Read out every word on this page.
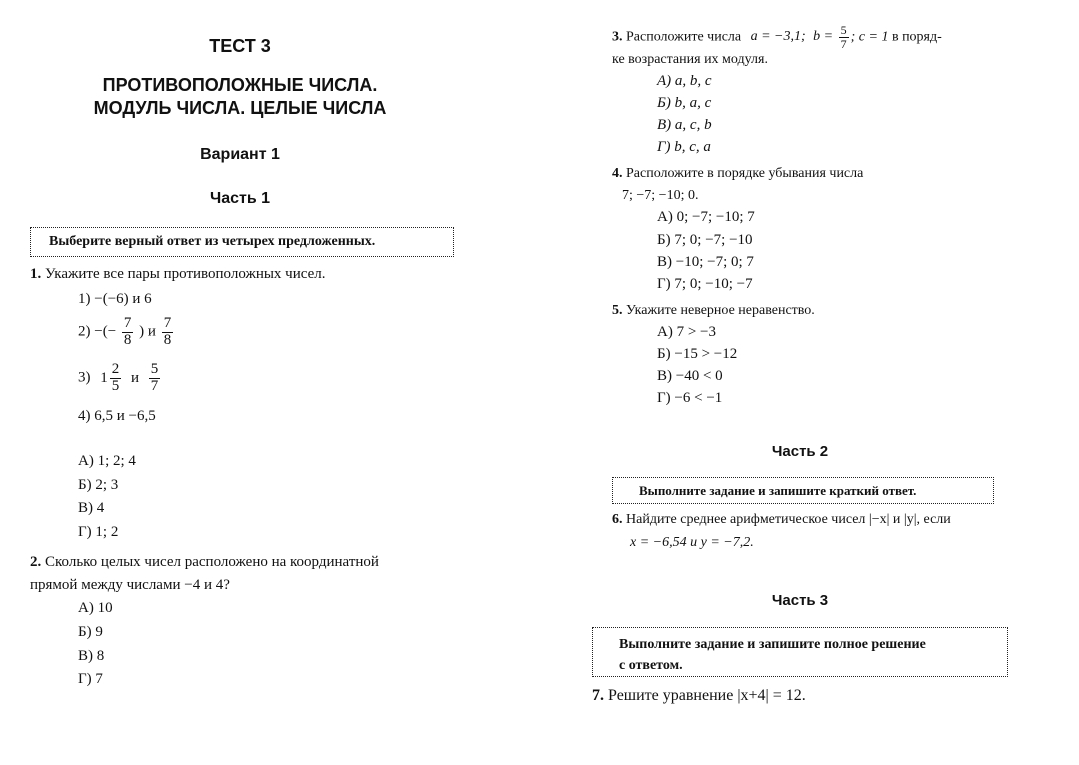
ТЕСТ 3
ПРОТИВОПОЛОЖНЫЕ ЧИСЛА.
МОДУЛЬ ЧИСЛА. ЦЕЛЫЕ ЧИСЛА
Вариант 1
Часть 1
Выберите верный ответ из четырех предложенных.
1. Укажите все пары противоположных чисел.
1) −(−6) и 6
2) −(− $\frac{7}{8}$ ) и $\frac{7}{8}$
3) $1 \frac{2}{5}$ и $\frac{5}{7}$
4) 6,5 и −6,5
А) 1; 2; 4
Б) 2; 3
В) 4
Г) 1; 2
2. Сколько целых чисел расположено на координатной
прямой между числами −4 и 4?
А) 10
Б) 9
В) 8
Г) 7
3. Расположите числа a = −3,1; $b = \frac{5}{7}$ ; c = 1 в поряд-
ке возрастания их модуля.
А) a, b, c
Б) b, a, c
В) a, c, b
Г) b, c, a
4. Расположите в порядке убывания числа
7; −7; −10; 0.
А) 0; −7; −10; 7
Б) 7; 0; −7; −10
В) −10; −7; 0; 7
Г) 7; 0; −10; −7
5. Укажите неверное неравенство.
А) 7 > −3
Б) −15 > −12
В) −40 < 0
Г) −6 < −1
Часть 2
Выполните задание и запишите краткий ответ.
6. Найдите среднее арифметическое чисел |−x| и |y|, если
x = −6,54 и y = −7,2.
Часть 3
Выполните задание и запишите полное решение
с ответом.
7. Решите уравнение |x+4| = 12.
